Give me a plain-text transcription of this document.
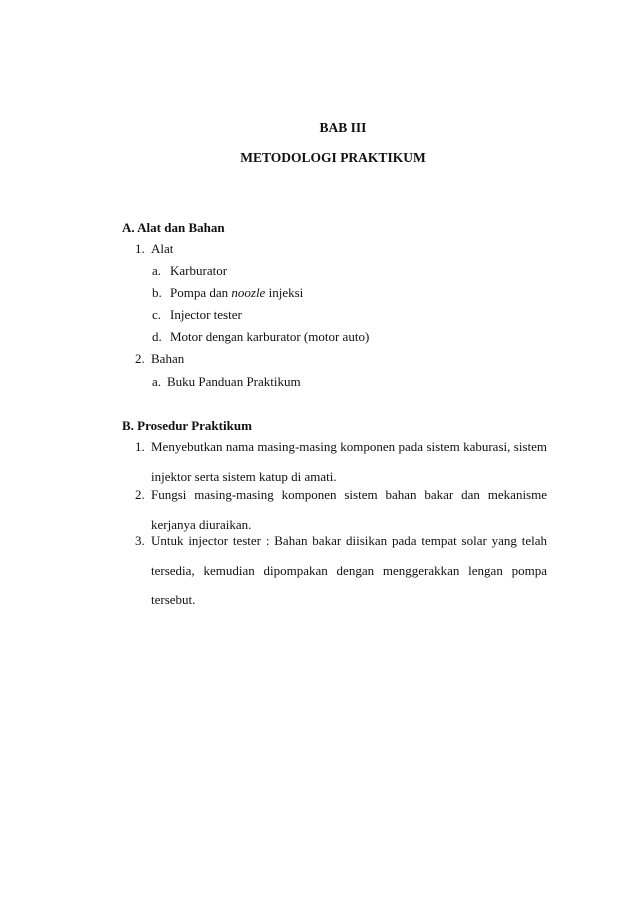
BAB III
METODOLOGI PRAKTIKUM
A. Alat dan Bahan
1. Alat
a. Karburator
b. Pompa dan noozle injeksi
c. Injector tester
d. Motor dengan karburator (motor auto)
2. Bahan
a. Buku Panduan Praktikum
B. Prosedur Praktikum
1. Menyebutkan nama masing-masing komponen pada sistem kaburasi, sistem
injektor serta sistem katup di amati.
2. Fungsi masing-masing komponen sistem bahan bakar dan mekanisme
kerjanya diuraikan.
3. Untuk injector tester : Bahan bakar diisikan pada tempat solar yang telah
tersedia, kemudian dipompakan dengan menggerakkan lengan pompa
tersebut.
